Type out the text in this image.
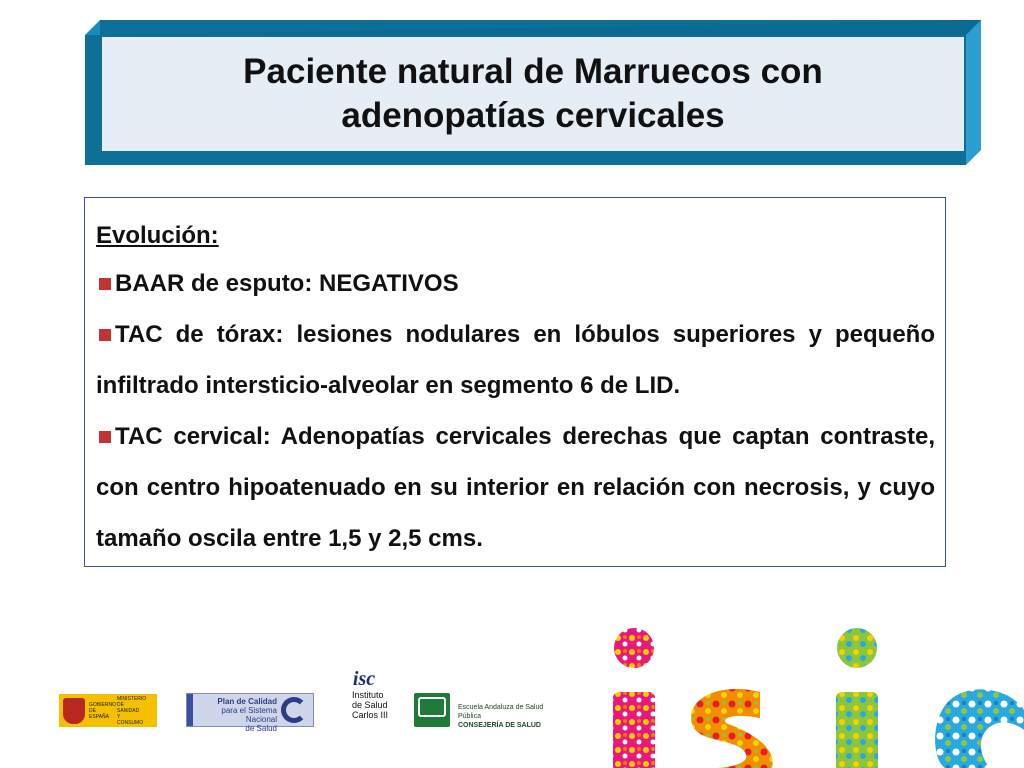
Paciente natural de Marruecos con
adenopatías cervicales
Evolución:
BAAR de esputo: NEGATIVOS
TAC de tórax: lesiones nodulares en lóbulos superiores y pequeño infiltrado intersticio-alveolar en segmento 6 de LID.
TAC cervical: Adenopatías cervicales derechas que captan contraste, con centro hipoatenuado en su interior en relación con necrosis, y cuyo tamaño oscila entre 1,5 y 2,5 cms.
GOBIERNO
DE ESPAÑA
MINISTERIO DE SANIDAD Y CONSUMO
Plan de Calidad
para el Sistema Nacional
de Salud
isc
Instituto
de Salud
Carlos III
Escuela Andaluza de Salud Pública
CONSEJERÍA DE SALUD
